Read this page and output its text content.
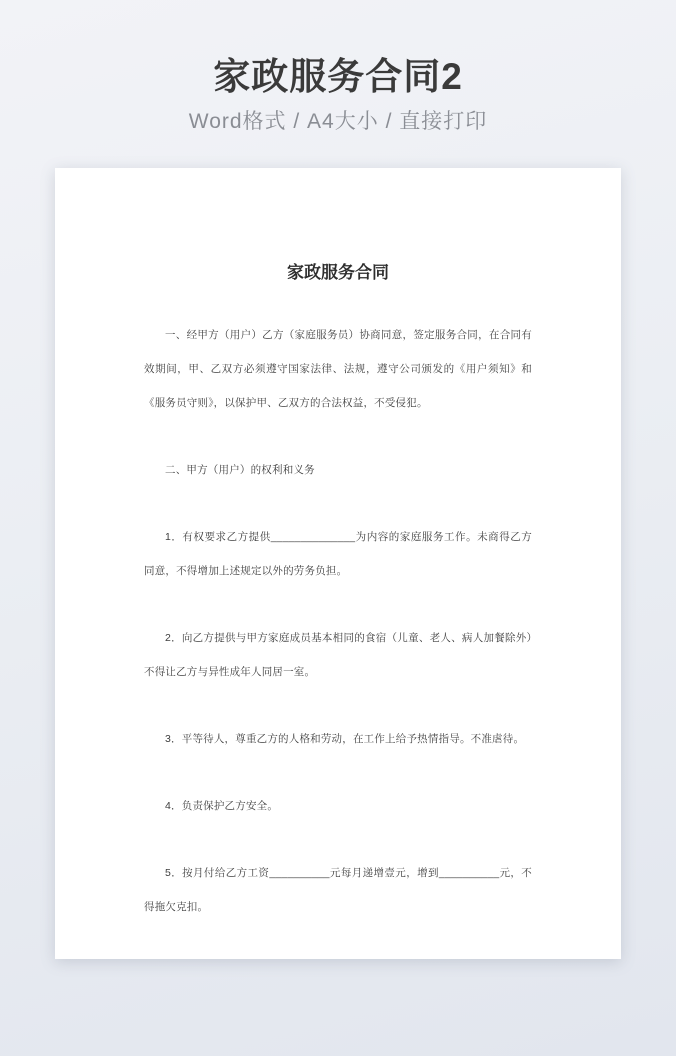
家政服务合同2

Word格式 / A4大小 / 直接打印

家政服务合同

一、经甲方（用户）乙方（家庭服务员）协商同意，签定服务合同，在合同有效期间，甲、乙双方必须遵守国家法律、法规，遵守公司颁发的《用户须知》和《服务员守则》，以保护甲、乙双方的合法权益，不受侵犯。

二、甲方（用户）的权利和义务

1．有权要求乙方提供______________为内容的家庭服务工作。未商得乙方同意，不得增加上述规定以外的劳务负担。

2．向乙方提供与甲方家庭成员基本相同的食宿（儿童、老人、病人加餐除外）不得让乙方与异性成年人同居一室。

3．平等待人，尊重乙方的人格和劳动，在工作上给予热情指导。不准虐待。

4．负责保护乙方安全。

5．按月付给乙方工资__________元每月递增壹元，增到__________元，不得拖欠克扣。
